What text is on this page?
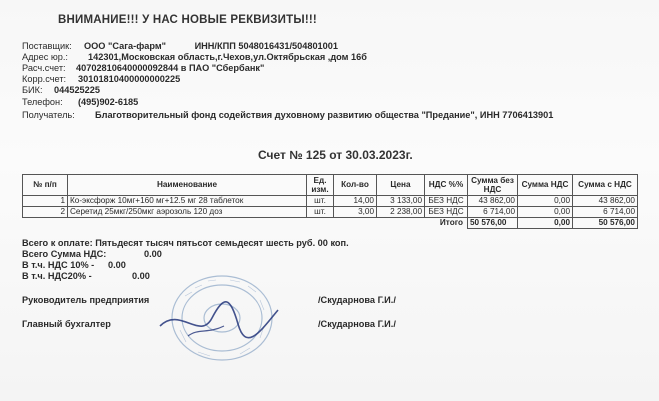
ВНИМАНИЕ!!! У НАС НОВЫЕ РЕКВИЗИТЫ!!!
Поставщик: ООО "Сага-фарм"	ИНН/КПП 5048016431/504801001
Адрес юр.: 142301,Московская область,г.Чехов,ул.Октябрьская ,дом 16б
Расч.счет: 40702810640000092844 в ПАО "Сбербанк"
Корр.счет: 30101810400000000225
БИК: 044525225
Телефон: (495)902-6185
Получатель: Благотворительный фонд содействия духовному развитию общества "Предание", ИНН 7706413901
Счет № 125 от 30.03.2023г.
№ п/п	Наименование	Ед. изм.	Кол-во	Цена	НДС %%	Сумма без НДС	Сумма НДС	Сумма с НДС
1	Ко-эксфорж 10мг+160 мг+12.5 мг 28 таблеток	шт.	14,00	3 133,00	БЕЗ НДС	43 862,00	0,00	43 862,00
2	Серетид 25мкг/250мкг аэрозоль 120 доз	шт.	3,00	2 238,00	БЕЗ НДС	6 714,00	0,00	6 714,00
Итого						50 576,00	0,00	50 576,00
Всего к оплате: Пятьдесят тысяч пятьсот семьдесят шесть руб. 00 коп.
Всего Сумма НДС:	0.00
В т.ч. НДС 10% - 0.00
В т.ч. НДС20% -	0.00
Руководитель предприятия	/Скударнова Г.И./
Главный бухгалтер	/Скударнова Г.И./
